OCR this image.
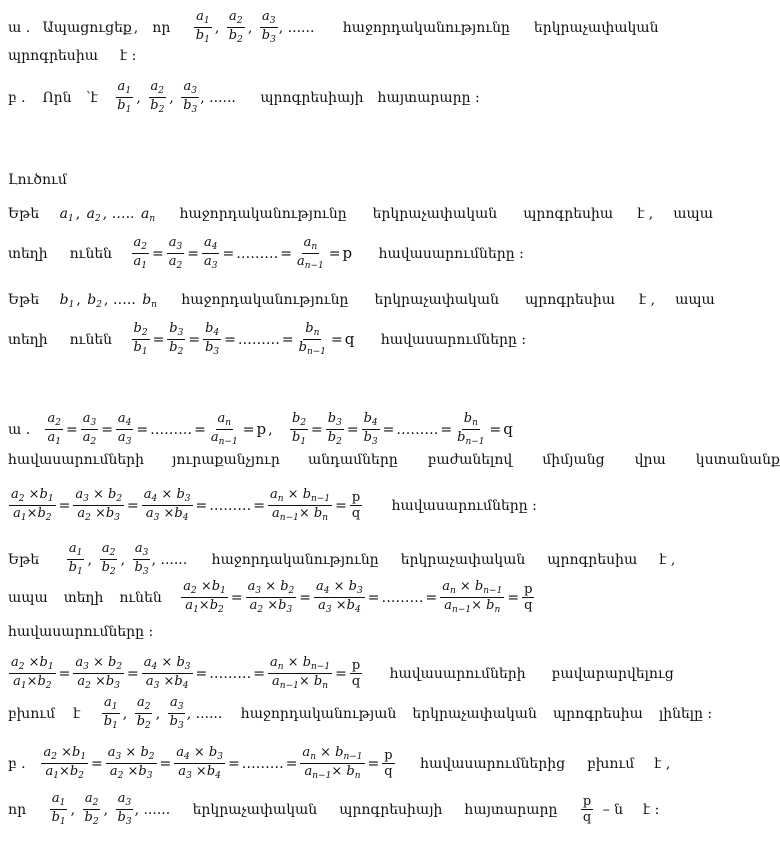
ա . Ապացուցեք , որ $\frac{a_1}{b_1}$ , $\frac{a_2}{b_2}$ , $\frac{a_3}{b_3}$ , ...... հաջորդականությունը երկրաչափական
պրոգրեսիա է :
բ . Որն ՝է $\frac{a_1}{b_1}$ , $\frac{a_2}{b_2}$ , $\frac{a_3}{b_3}$ , ...... պրոգրեսիայի հայտարարը :
Լուծում
Եթե $a_1$ , $a_2$ , ….. $a_n$ հաջորդականությունը երկրաչափական պրոգրեսիա է , ապա
տեղի ունեն $\frac{a_2}{a_1} = \frac{a_3}{a_2} = \frac{a_4}{a_3}$ = ……… = $\frac{a_n}{a_{n-1}} = p$ հավասարումները :
Եթե $b_1$ , $b_2$ , ….. $b_n$ հաջորդականությունը երկրաչափական պրոգրեսիա է , ապա
տեղի ունեն $\frac{b_2}{b_1} = \frac{b_3}{b_2} = \frac{b_4}{b_3}$ = ……… = $\frac{b_n}{b_{n-1}} = q$ հավասարումները :
ա . $\frac{a_2}{a_1} = \frac{a_3}{a_2} = \frac{a_4}{a_3}$ = ……… = $\frac{a_n}{a_{n-1}} = p$ , $\frac{b_2}{b_1} = \frac{b_3}{b_2} = \frac{b_4}{b_3}$ = ……… = $\frac{b_n}{b_{n-1}} = q$
հավասարումների յուրաքանչյուր անդամները բաժանելով միմյանց վրա կստանանք
$\frac{a_2 \times b_1}{a_1\times b_2} = \frac{a_3 \times b_2}{a_2 \times b_3} = \frac{a_4 \times b_3}{a_3 \times b_4}$ = ……… = $\frac{a_n \times b_{n-1}}{a_{n-1}\times b_n} = \frac{p}{q}$ հավասարումները :
Եթե $\frac{a_1}{b_1}$ , $\frac{a_2}{b_2}$ , $\frac{a_3}{b_3}$ , ...... հաջորդականությունը երկրաչափական պրոգրեսիա է ,
ապա տեղի ունեն $\frac{a_2 \times b_1}{a_1\times b_2} = \frac{a_3 \times b_2}{a_2 \times b_3} = \frac{a_4 \times b_3}{a_3 \times b_4}$ = ……… = $\frac{a_n \times b_{n-1}}{a_{n-1}\times b_n} = \frac{p}{q}$
հավասարումները :
$\frac{a_2 \times b_1}{a_1\times b_2} = \frac{a_3 \times b_2}{a_2 \times b_3} = \frac{a_4 \times b_3}{a_3 \times b_4}$ = ……… = $\frac{a_n \times b_{n-1}}{a_{n-1}\times b_n} = \frac{p}{q}$ հավասարումների բավարարվելուց
բխում է $\frac{a_1}{b_1}$ , $\frac{a_2}{b_2}$ , $\frac{a_3}{b_3}$ , ...... հաջորդականության երկրաչափական պրոգրեսիա լինելը :
բ . $\frac{a_2 \times b_1}{a_1\times b_2} = \frac{a_3 \times b_2}{a_2 \times b_3} = \frac{a_4 \times b_3}{a_3 \times b_4}$ = ……… = $\frac{a_n \times b_{n-1}}{a_{n-1}\times b_n} = \frac{p}{q}$ հավասարումներից բխում է ,
որ $\frac{a_1}{b_1}$ , $\frac{a_2}{b_2}$ , $\frac{a_3}{b_3}$ , ...... երկրաչափական պրոգրեսիայի հայտարարը $\frac{p}{q}$ – ն է :
